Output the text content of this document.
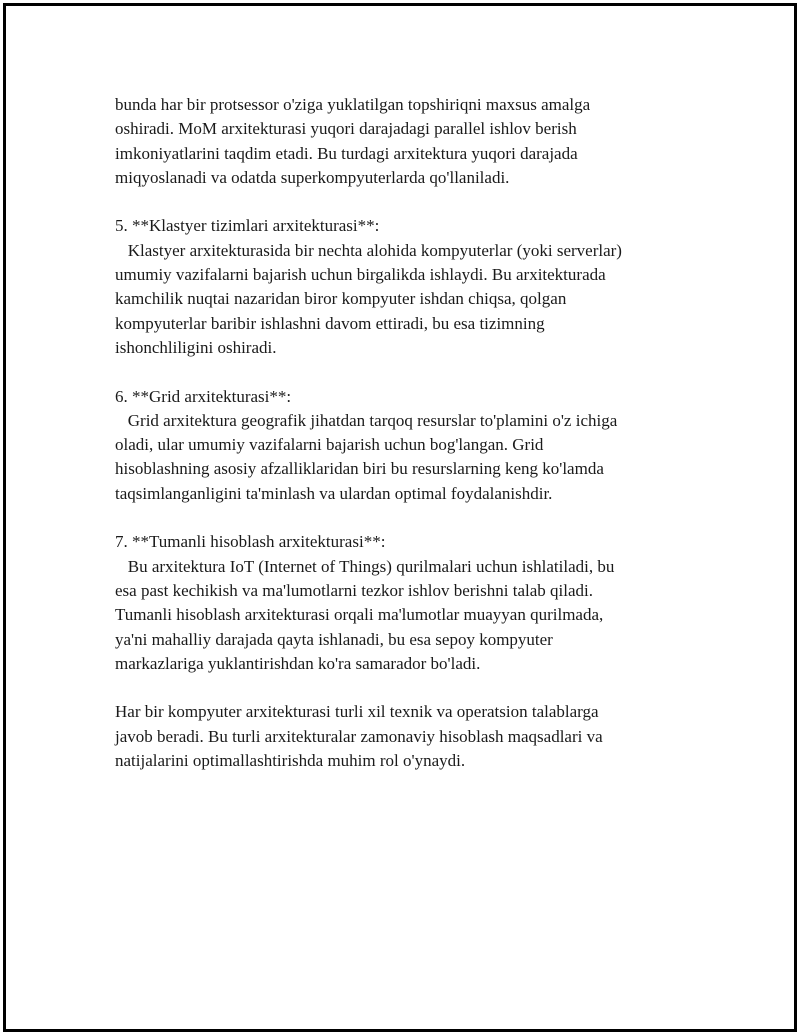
bunda har bir protsessor o'ziga yuklatilgan topshiriqni maxsus amalga
oshiradi. MoM arxitekturasi yuqori darajadagi parallel ishlov berish
imkoniyatlarini taqdim etadi. Bu turdagi arxitektura yuqori darajada
miqyoslanadi va odatda superkompyuterlarda qo'llaniladi.
5. **Klastyer tizimlari arxitekturasi**:
Klastyer arxitekturasida bir nechta alohida kompyuterlar (yoki serverlar)
umumiy vazifalarni bajarish uchun birgalikda ishlaydi. Bu arxitekturada
kamchilik nuqtai nazaridan biror kompyuter ishdan chiqsa, qolgan
kompyuterlar baribir ishlashni davom ettiradi, bu esa tizimning
ishonchliligini oshiradi.
6. **Grid arxitekturasi**:
Grid arxitektura geografik jihatdan tarqoq resurslar to'plamini o'z ichiga
oladi, ular umumiy vazifalarni bajarish uchun bog'langan. Grid
hisoblashning asosiy afzalliklaridan biri bu resurslarning keng ko'lamda
taqsimlanganligini ta'minlash va ulardan optimal foydalanishdir.
7. **Tumanli hisoblash arxitekturasi**:
Bu arxitektura IoT (Internet of Things) qurilmalari uchun ishlatiladi, bu
esa past kechikish va ma'lumotlarni tezkor ishlov berishni talab qiladi.
Tumanli hisoblash arxitekturasi orqali ma'lumotlar muayyan qurilmada,
ya'ni mahalliy darajada qayta ishlanadi, bu esa sepoy kompyuter
markazlariga yuklantirishdan ko'ra samarador bo'ladi.
Har bir kompyuter arxitekturasi turli xil texnik va operatsion talablarga
javob beradi. Bu turli arxitekturalar zamonaviy hisoblash maqsadlari va
natijalarini optimallashtirishda muhim rol o'ynaydi.
